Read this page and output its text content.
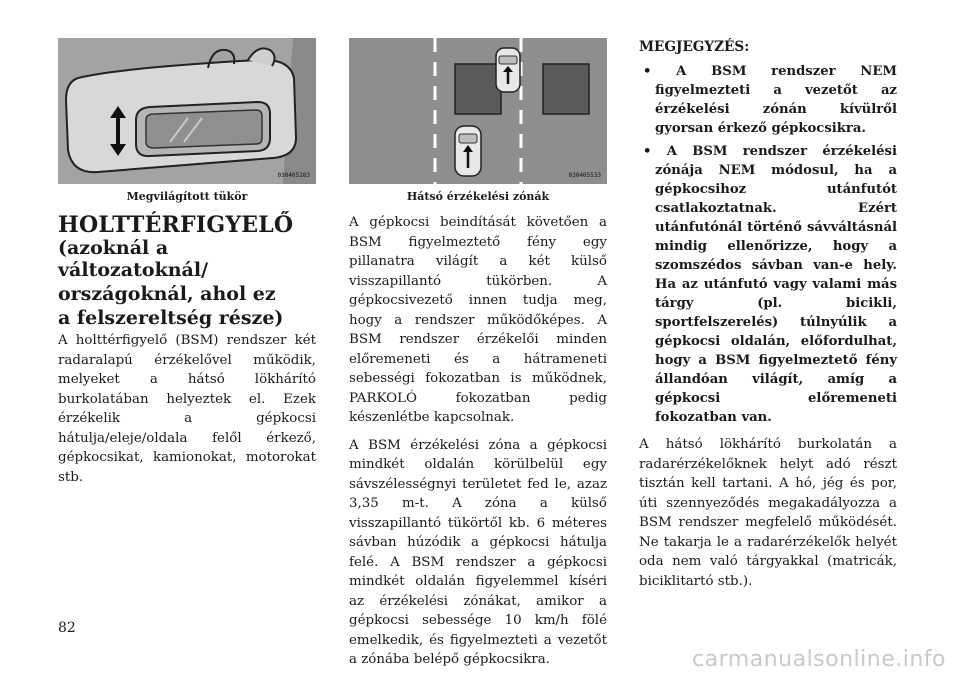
030405283
Megvilágított tükör
HOLTTÉRFIGYELŐ
(azoknál a változatoknál/
országoknál, ahol ez
a felszereltség része)

A holttérfigyelő (BSM) rendszer két radaralapú érzékelővel működik, melyeket a hátsó lökhárító burkolatában helyeztek el. Ezek érzékelik a gépkocsi hátulja/eleje/oldala felől érkező, gépkocsikat, kamionokat, motorokat stb.

030405533
Hátsó érzékelési zónák

A gépkocsi beindítását követően a BSM figyelmeztető fény egy pillanatra világít a két külső visszapillantó tükörben. A gépkocsivezető innen tudja meg, hogy a rendszer működőképes. A BSM rendszer érzékelői minden előremeneti és a hátrameneti sebességi fokozatban is működnek, PARKOLÓ fokozatban pedig készenlétbe kapcsolnak.

A BSM érzékelési zóna a gépkocsi mindkét oldalán körülbelül egy sávszélességnyi területet fed le, azaz 3,35 m-t. A zóna a külső visszapillantó tükörtől kb. 6 méteres sávban húzódik a gépkocsi hátulja felé. A BSM rendszer a gépkocsi mindkét oldalán figyelemmel kíséri az érzékelési zónákat, amikor a gépkocsi sebessége 10 km/h fölé emelkedik, és figyelmezteti a vezetőt a zónába belépő gépkocsikra.

MEGJEGYZÉS:
• A BSM rendszer NEM figyelmezteti a vezetőt az érzékelési zónán kívülről gyorsan érkező gépkocsikra.
• A BSM rendszer érzékelési zónája NEM módosul, ha a gépkocsihoz utánfutót csatlakoztatnak. Ezért utánfutónál történő sávváltásnál mindig ellenőrizze, hogy a szomszédos sávban van-e hely. Ha az utánfutó vagy valami más tárgy (pl. bicikli, sportfelszerelés) túlnyúlik a gépkocsi oldalán, előfordulhat, hogy a BSM figyelmeztető fény állandóan világít, amíg a gépkocsi előremeneti fokozatban van.

A hátsó lökhárító burkolatán a radarérzékelőknek helyt adó részt tisztán kell tartani. A hó, jég és por, úti szennyeződés megakadályozza a BSM rendszer megfelelő működését. Ne takarja le a radarérzékelők helyét oda nem való tárgyakkal (matricák, biciklitartó stb.).

82
carmanualsonline.info
